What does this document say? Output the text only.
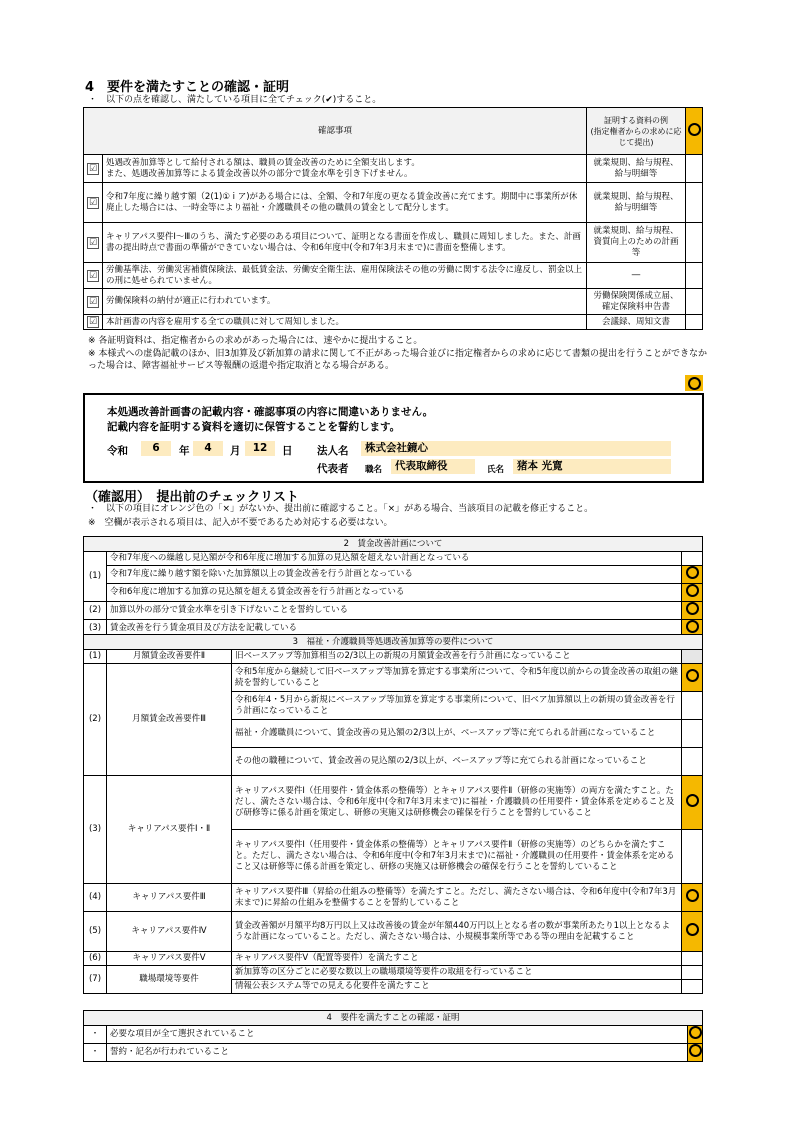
4　要件を満たすことの確認・証明
・　以下の点を確認し、満たしている項目に全てチェック(✔)すること。
確認事項		証明する資料の例
(指定権者からの求めに応じて提出)	
☑	処遇改善加算等として給付される額は、職員の賃金改善のために全額支出します。
また、処遇改善加算等による賃金改善以外の部分で賃金水準を引き下げません。	就業規則、給与規程、給与明細等	
☑	令和7年度に繰り越す額（2(1)① i ア)がある場合には、全額、令和7年度の更なる賃金改善に充てます。期間中に事業所が休廃止した場合には、一時金等により福祉・介護職員その他の職員の賃金として配分します。	就業規則、給与規程、給与明細等	
☑	キャリアパス要件Ⅰ～Ⅲのうち、満たす必要のある項目について、証明となる書面を作成し、職員に周知しました。また、計画書の提出時点で書面の準備ができていない場合は、令和6年度中(令和7年3月末まで)に書面を整備します。	就業規則、給与規程、資質向上のための計画等	
☑	労働基準法、労働災害補償保険法、最低賃金法、労働安全衛生法、雇用保険法その他の労働に関する法令に違反し、罰金以上の刑に処せられていません。	―	
☑	労働保険料の納付が適正に行われています。	労働保険関係成立届、確定保険料申告書	
☑	本計画書の内容を雇用する全ての職員に対して周知しました。	会議録、周知文書	
※ 各証明資料は、指定権者からの求めがあった場合には、速やかに提出すること。
※ 本様式への虚偽記載のほか、旧3加算及び新加算の請求に関して不正があった場合並びに指定権者からの求めに応じて書類の提出を行うことができなかった場合は、障害福祉サービス等報酬の返還や指定取消となる場合がある。
本処遇改善計画書の記載内容・確認事項の内容に間違いありません。
記載内容を証明する資料を適切に保管することを誓約します。
令和	6	年	4	月	12	日 法人名	株式会社鏡心
代表者 職名	代表取締役	氏名	猪本 光寛
（確認用）　提出前のチェックリスト
・　以下の項目にオレンジ色の「×」がないか、提出前に確認すること。「×」がある場合、当該項目の記載を修正すること。
※　空欄が表示される項目は、記入が不要であるため対応する必要はない。
2　賃金改善計画について		
(1)	令和7年度への繰越し見込額が令和6年度に増加する加算の見込額を超えない計画となっている	
	令和7年度に繰り越す額を除いた加算額以上の賃金改善を行う計画となっている	
	令和6年度に増加する加算の見込額を超える賃金改善を行う計画となっている	
(2)	加算以外の部分で賃金水準を引き下げないことを誓約している	
(3)	賃金改善を行う賃金項目及び方法を記載している	
3　福祉・介護職員等処遇改善加算等の要件について			
(1)	月額賃金改善要件Ⅱ	旧ベースアップ等加算相当の2/3以上の新規の月額賃金改善を行う計画になっていること	
(2)	月額賃金改善要件Ⅲ	令和5年度から継続して旧ベースアップ等加算を算定する事業所について、令和5年度以前からの賃金改善の取組の継続を誓約していること	
		令和6年4・5月から新規にベースアップ等加算を算定する事業所について、旧ベア加算額以上の新規の賃金改善を行う計画になっていること	
		福祉・介護職員について、賃金改善の見込額の2/3以上が、ベースアップ等に充てられる計画になっていること	
		その他の職種について、賃金改善の見込額の2/3以上が、ベースアップ等に充てられる計画になっていること	
(3)	キャリアパス要件Ⅰ・Ⅱ	キャリアパス要件Ⅰ（任用要件・賃金体系の整備等）とキャリアパス要件Ⅱ（研修の実施等）の両方を満たすこと。ただし、満たさない場合は、令和6年度中(令和7年3月末まで)に福祉・介護職員の任用要件・賃金体系を定めること及び研修等に係る計画を策定し、研修の実施又は研修機会の確保を行うことを誓約していること	
		キャリアパス要件Ⅰ（任用要件・賃金体系の整備等）とキャリアパス要件Ⅱ（研修の実施等）のどちらかを満たすこと。ただし、満たさない場合は、令和6年度中(令和7年3月末まで)に福祉・介護職員の任用要件・賃金体系を定めること又は研修等に係る計画を策定し、研修の実施又は研修機会の確保を行うことを誓約していること	
(4)	キャリアパス要件Ⅲ	キャリアパス要件Ⅲ（昇給の仕組みの整備等）を満たすこと。ただし、満たさない場合は、令和6年度中(令和7年3月末まで)に昇給の仕組みを整備することを誓約していること	
(5)	キャリアパス要件Ⅳ	賃金改善額が月額平均8万円以上又は改善後の賃金が年額440万円以上となる者の数が事業所あたり1以上となるような計画になっていること。ただし、満たさない場合は、小規模事業所等である等の理由を記載すること	
(6)	キャリアパス要件Ⅴ	キャリアパス要件Ⅴ（配置等要件）を満たすこと	
(7)	職場環境等要件	新加算等の区分ごとに必要な数以上の職場環境等要件の取組を行っていること	
		情報公表システム等での見える化要件を満たすこと	
4　要件を満たすことの確認・証明		
・	必要な項目が全て選択されていること	
・	誓約・記名が行われていること	
